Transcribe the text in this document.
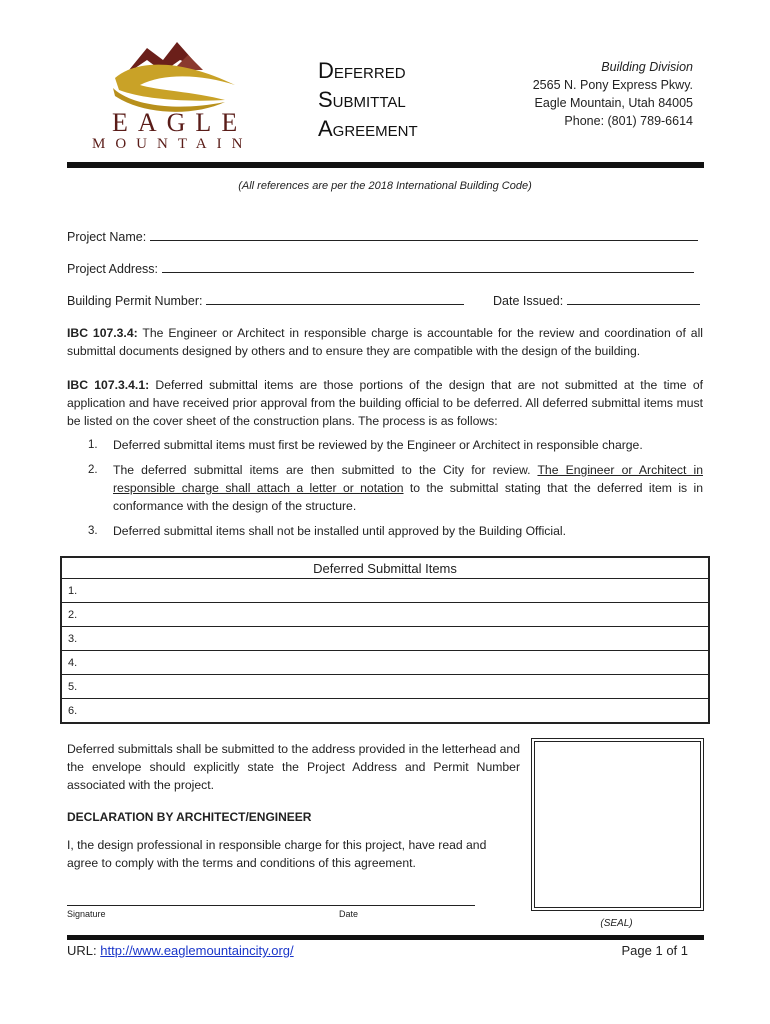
EAGLE
MOUNTAIN
Deferred
Submittal
Agreement
Building Division
2565 N. Pony Express Pkwy.
Eagle Mountain, Utah 84005
Phone: (801) 789-6614
(All references are per the 2018 International Building Code)
Project Name:
Project Address:
Building Permit Number:	Date Issued:
IBC 107.3.4: The Engineer or Architect in responsible charge is accountable for the review and coordination of all submittal documents designed by others and to ensure they are compatible with the design of the building.
IBC 107.3.4.1: Deferred submittal items are those portions of the design that are not submitted at the time of application and have received prior approval from the building official to be deferred. All deferred submittal items must be listed on the cover sheet of the construction plans. The process is as follows:
1.	Deferred submittal items must first be reviewed by the Engineer or Architect in responsible charge.
2.	The deferred submittal items are then submitted to the City for review. The Engineer or Architect in responsible charge shall attach a letter or notation to the submittal stating that the deferred item is in conformance with the design of the structure.
3.	Deferred submittal items shall not be installed until approved by the Building Official.
Deferred Submittal Items
1.
2.
3.
4.
5.
6.
Deferred submittals shall be submitted to the address provided in the letterhead and the envelope should explicitly state the Project Address and Permit Number associated with the project.
DECLARATION BY ARCHITECT/ENGINEER
I, the design professional in responsible charge for this project, have read and agree to comply with the terms and conditions of this agreement.
Signature	Date
(SEAL)
URL: http://www.eaglemountaincity.org/	Page 1 of 1
